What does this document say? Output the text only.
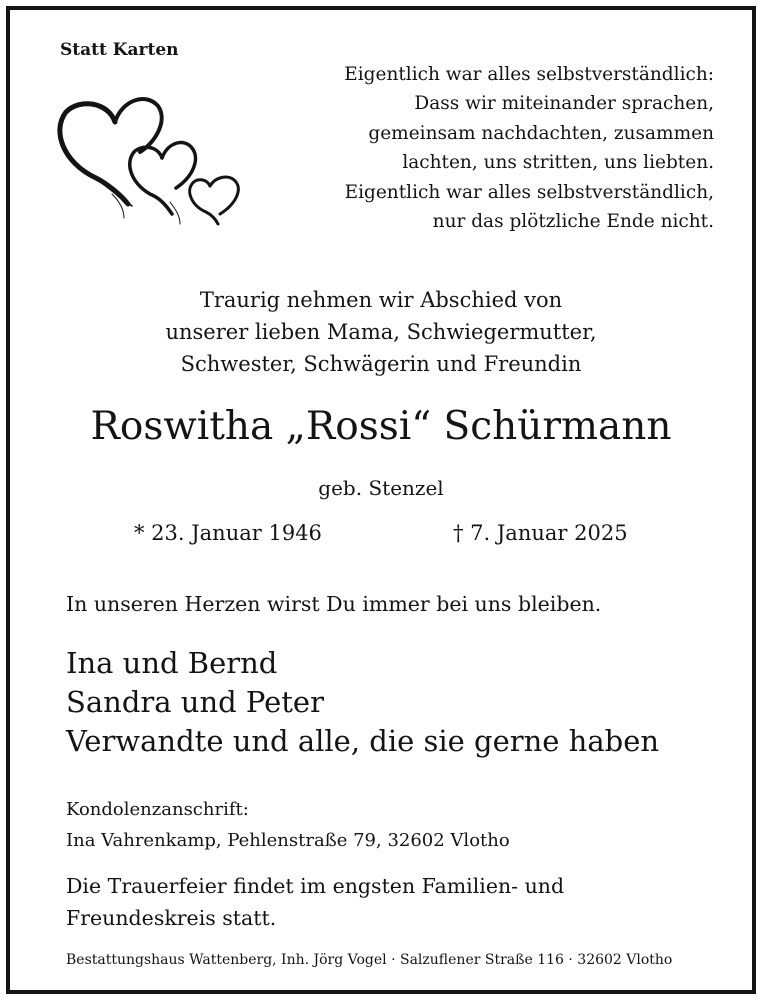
Statt Karten
Eigentlich war alles selbstverständlich:
Dass wir miteinander sprachen,
gemeinsam nachdachten, zusammen
lachten, uns stritten, uns liebten.
Eigentlich war alles selbstverständlich,
nur das plötzliche Ende nicht.
Traurig nehmen wir Abschied von
unserer lieben Mama, Schwiegermutter,
Schwester, Schwägerin und Freundin
Roswitha „Rossi“ Schürmann
geb. Stenzel
* 23. Januar 1946	† 7. Januar 2025
In unseren Herzen wirst Du immer bei uns bleiben.
Ina und Bernd
Sandra und Peter
Verwandte und alle, die sie gerne haben
Kondolenzanschrift:
Ina Vahrenkamp, Pehlenstraße 79, 32602 Vlotho
Die Trauerfeier findet im engsten Familien- und
Freundeskreis statt.
Bestattungshaus Wattenberg, Inh. Jörg Vogel · Salzuflener Straße 116 · 32602 Vlotho
